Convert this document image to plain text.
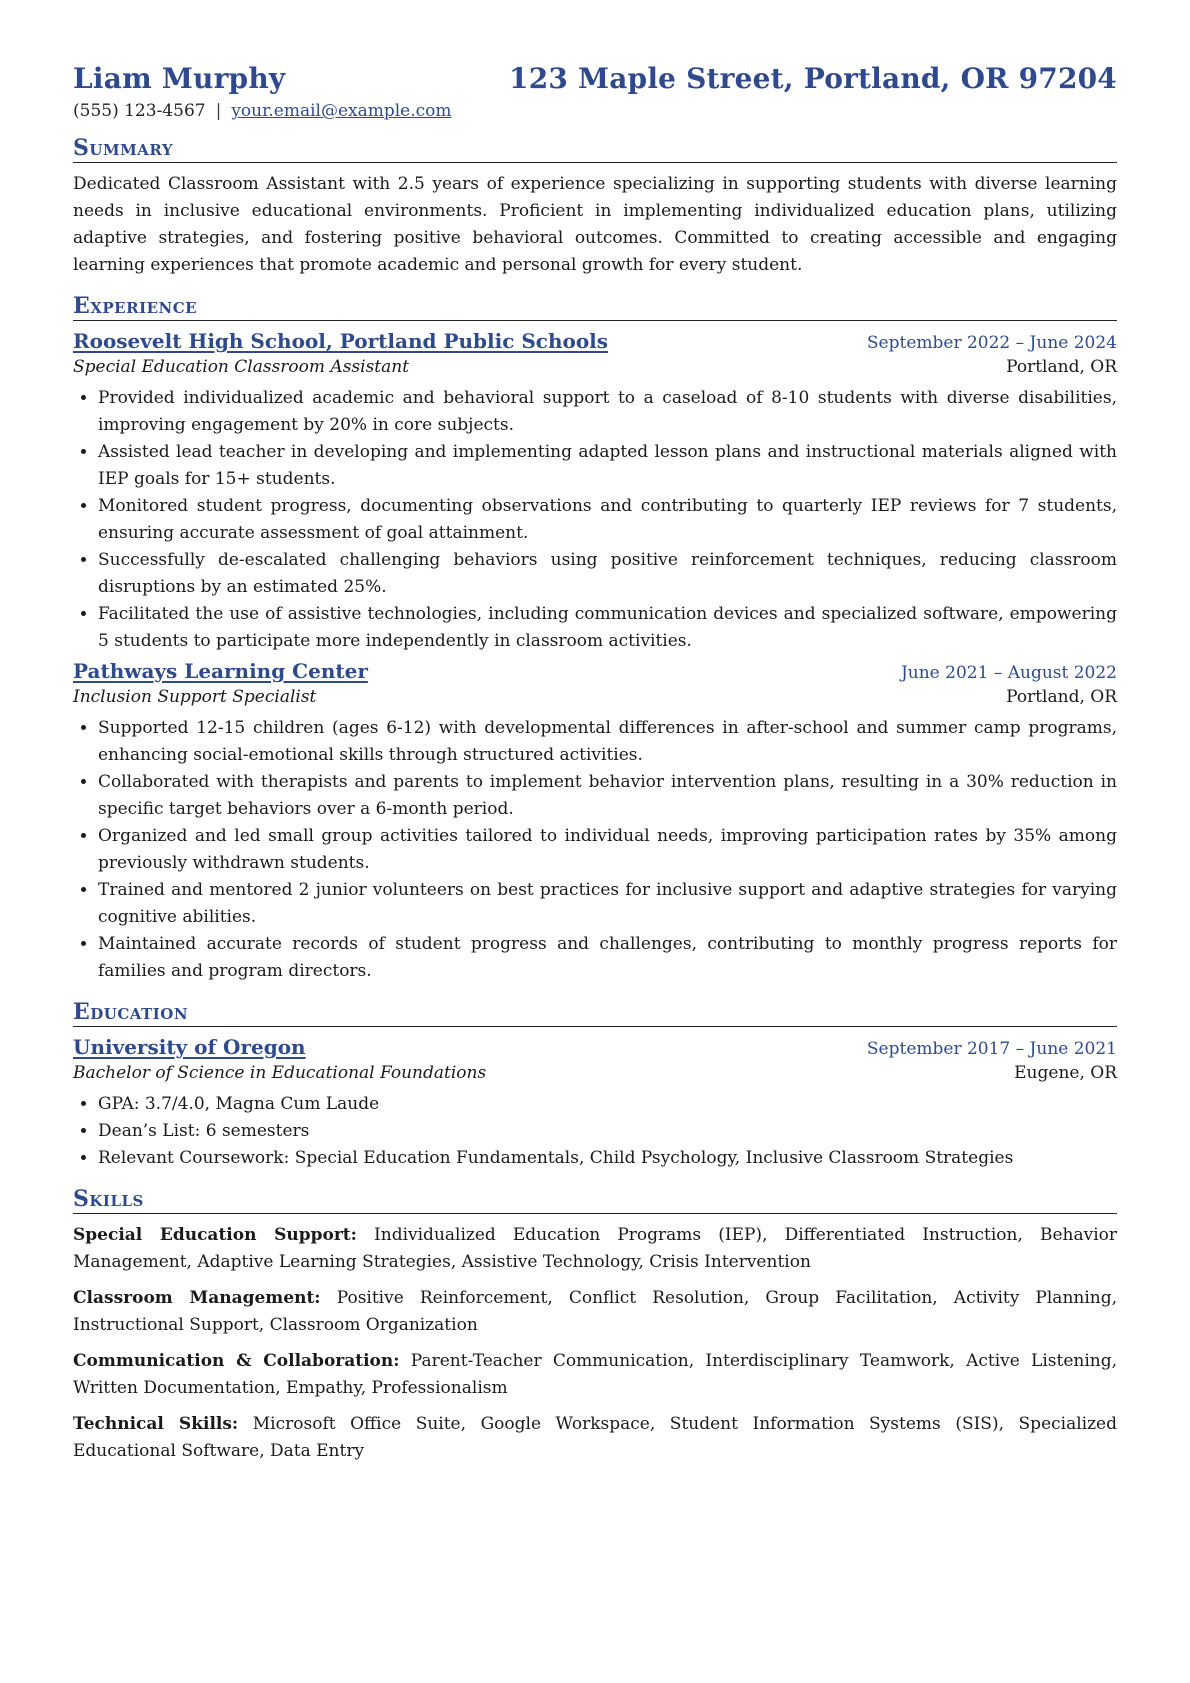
Liam Murphy	123 Maple Street, Portland, OR 97204
(555) 123-4567 | your.email@example.com
Summary
Dedicated Classroom Assistant with 2.5 years of experience specializing in supporting students with diverse learning needs in inclusive educational environments. Proficient in implementing individualized education plans, utilizing adaptive strategies, and fostering positive behavioral outcomes. Committed to creating accessible and engaging learning experiences that promote academic and personal growth for every student.
Experience
Roosevelt High School, Portland Public Schools	September 2022 – June 2024
Special Education Classroom Assistant	Portland, OR
• Provided individualized academic and behavioral support to a caseload of 8-10 students with diverse disabilities, improving engagement by 20% in core subjects.
• Assisted lead teacher in developing and implementing adapted lesson plans and instructional materials aligned with IEP goals for 15+ students.
• Monitored student progress, documenting observations and contributing to quarterly IEP reviews for 7 students, ensuring accurate assessment of goal attainment.
• Successfully de-escalated challenging behaviors using positive reinforcement techniques, reducing classroom disruptions by an estimated 25%.
• Facilitated the use of assistive technologies, including communication devices and specialized software, empowering 5 students to participate more independently in classroom activities.
Pathways Learning Center	June 2021 – August 2022
Inclusion Support Specialist	Portland, OR
• Supported 12-15 children (ages 6-12) with developmental differences in after-school and summer camp programs, enhancing social-emotional skills through structured activities.
• Collaborated with therapists and parents to implement behavior intervention plans, resulting in a 30% reduction in specific target behaviors over a 6-month period.
• Organized and led small group activities tailored to individual needs, improving participation rates by 35% among previously withdrawn students.
• Trained and mentored 2 junior volunteers on best practices for inclusive support and adaptive strategies for varying cognitive abilities.
• Maintained accurate records of student progress and challenges, contributing to monthly progress reports for families and program directors.
Education
University of Oregon	September 2017 – June 2021
Bachelor of Science in Educational Foundations	Eugene, OR
• GPA: 3.7/4.0, Magna Cum Laude
• Dean’s List: 6 semesters
• Relevant Coursework: Special Education Fundamentals, Child Psychology, Inclusive Classroom Strategies
Skills
Special Education Support: Individualized Education Programs (IEP), Differentiated Instruction, Behavior Management, Adaptive Learning Strategies, Assistive Technology, Crisis Intervention
Classroom Management: Positive Reinforcement, Conflict Resolution, Group Facilitation, Activity Planning, Instructional Support, Classroom Organization
Communication & Collaboration: Parent-Teacher Communication, Interdisciplinary Teamwork, Active Listening, Written Documentation, Empathy, Professionalism
Technical Skills: Microsoft Office Suite, Google Workspace, Student Information Systems (SIS), Specialized Educational Software, Data Entry
